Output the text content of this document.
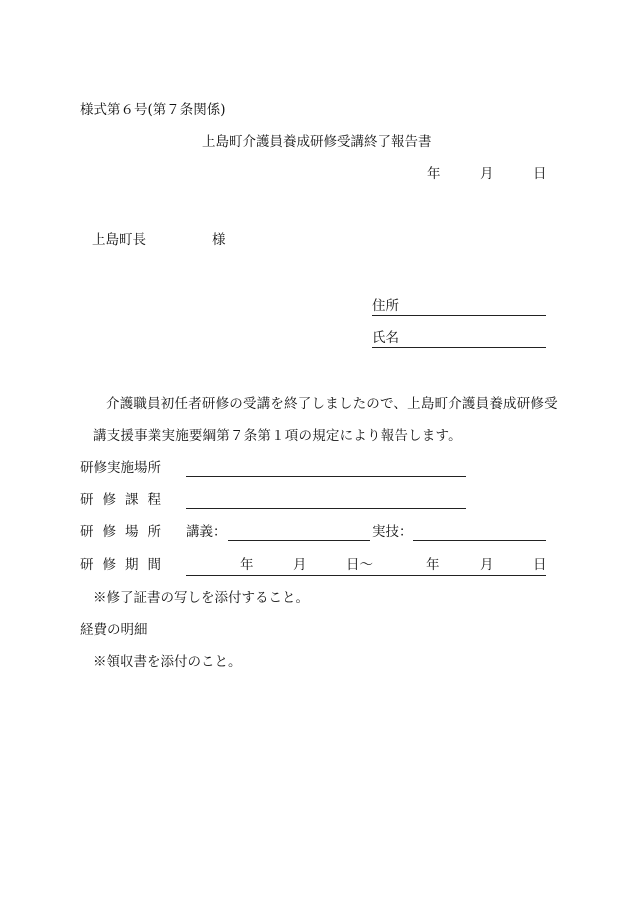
様式第６号(第７条関係)
上島町介護員養成研修受講終了報告書
年	月	日
上島町長	様
住所
氏名
介護職員初任者研修の受講を終了しましたので、上島町介護員養成研修受
講支援事業実施要綱第７条第１項の規定により報告します。
研修実施場所
研修課程
研修場所 講義：	実技：
研修期間	年	月	日～	年	月	日
※修了証書の写しを添付すること。
経費の明細
※領収書を添付のこと。
